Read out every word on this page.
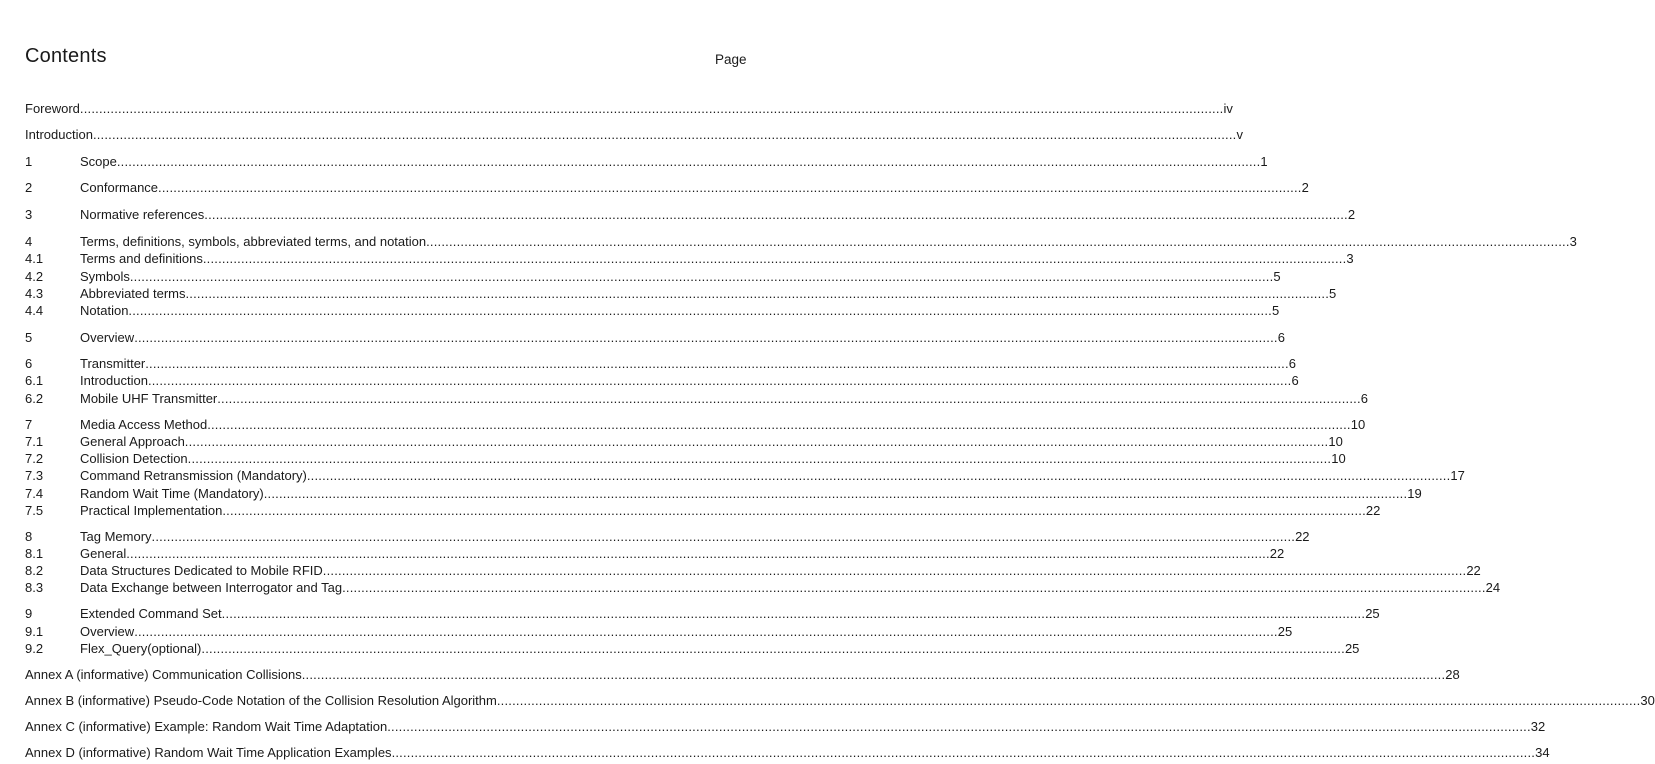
Contents	Page
Foreword ............................................................................................................................................................................................................................................................................................................ iv
Introduction ............................................................................................................................................................................................................................................................................................................ v
1	Scope ............................................................................................................................................................................................................................................................................................................ 1
2	Conformance ............................................................................................................................................................................................................................................................................................................ 2
3	Normative references ............................................................................................................................................................................................................................................................................................................ 2
4	Terms, definitions, symbols, abbreviated terms, and notation ............................................................................................................................................................................................................................................................................................................ 3
4.1	Terms and definitions ............................................................................................................................................................................................................................................................................................................ 3
4.2	Symbols ............................................................................................................................................................................................................................................................................................................ 5
4.3	Abbreviated terms ............................................................................................................................................................................................................................................................................................................ 5
4.4	Notation ............................................................................................................................................................................................................................................................................................................ 5
5	Overview ............................................................................................................................................................................................................................................................................................................ 6
6	Transmitter ............................................................................................................................................................................................................................................................................................................ 6
6.1	Introduction ............................................................................................................................................................................................................................................................................................................ 6
6.2	Mobile UHF Transmitter ............................................................................................................................................................................................................................................................................................................ 6
7	Media Access Method ............................................................................................................................................................................................................................................................................................................ 10
7.1	General Approach ............................................................................................................................................................................................................................................................................................................ 10
7.2	Collision Detection ............................................................................................................................................................................................................................................................................................................ 10
7.3	Command Retransmission (Mandatory) ............................................................................................................................................................................................................................................................................................................ 17
7.4	Random Wait Time (Mandatory) ............................................................................................................................................................................................................................................................................................................ 19
7.5	Practical Implementation ............................................................................................................................................................................................................................................................................................................ 22
8	Tag Memory ............................................................................................................................................................................................................................................................................................................ 22
8.1	General ............................................................................................................................................................................................................................................................................................................ 22
8.2	Data Structures Dedicated to Mobile RFID ............................................................................................................................................................................................................................................................................................................ 22
8.3	Data Exchange between Interrogator and Tag ............................................................................................................................................................................................................................................................................................................ 24
9	Extended Command Set ............................................................................................................................................................................................................................................................................................................ 25
9.1	Overview ............................................................................................................................................................................................................................................................................................................ 25
9.2	Flex_Query(optional) ............................................................................................................................................................................................................................................................................................................ 25
Annex A (informative) Communication Collisions ............................................................................................................................................................................................................................................................................................................ 28
Annex B (informative) Pseudo-Code Notation of the Collision Resolution Algorithm ............................................................................................................................................................................................................................................................................................................ 30
Annex C (informative) Example: Random Wait Time Adaptation ............................................................................................................................................................................................................................................................................................................ 32
Annex D (informative) Random Wait Time Application Examples ............................................................................................................................................................................................................................................................................................................ 34
